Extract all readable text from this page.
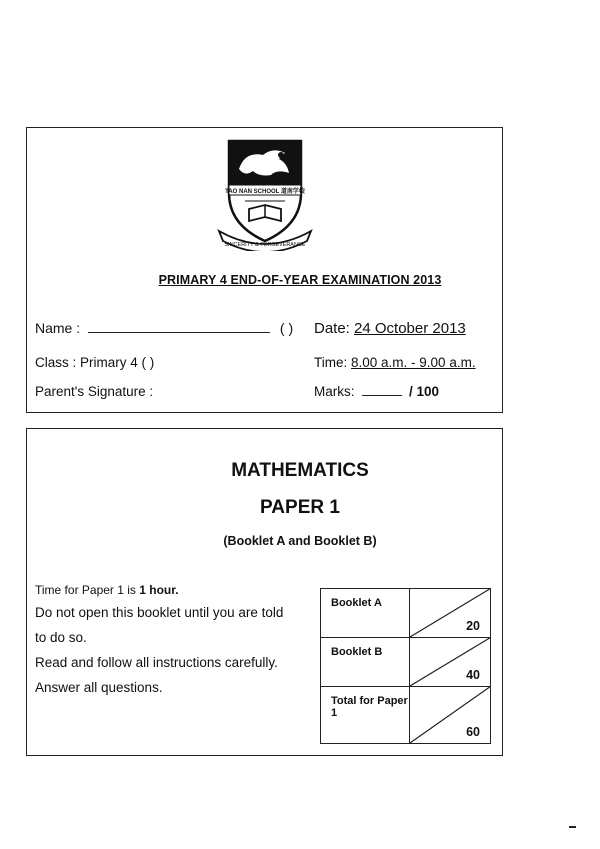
TAO NAN SCHOOL 道南学校
SINCERITY & PERSEVERANCE
PRIMARY 4 END-OF-YEAR EXAMINATION 2013
Name :	( ) Date: 24 October 2013
Class : Primary 4 ( )	Time: 8.00 a.m. - 9.00 a.m.
Parent's Signature :	Marks:	/ 100
MATHEMATICS
PAPER 1
(Booklet A and Booklet B)
Time for Paper 1 is 1 hour.
Do not open this booklet until you are told
to do so.
Read and follow all instructions carefully.
Answer all questions.
Booklet A	20

Booklet B	40

Total for Paper 1	60
